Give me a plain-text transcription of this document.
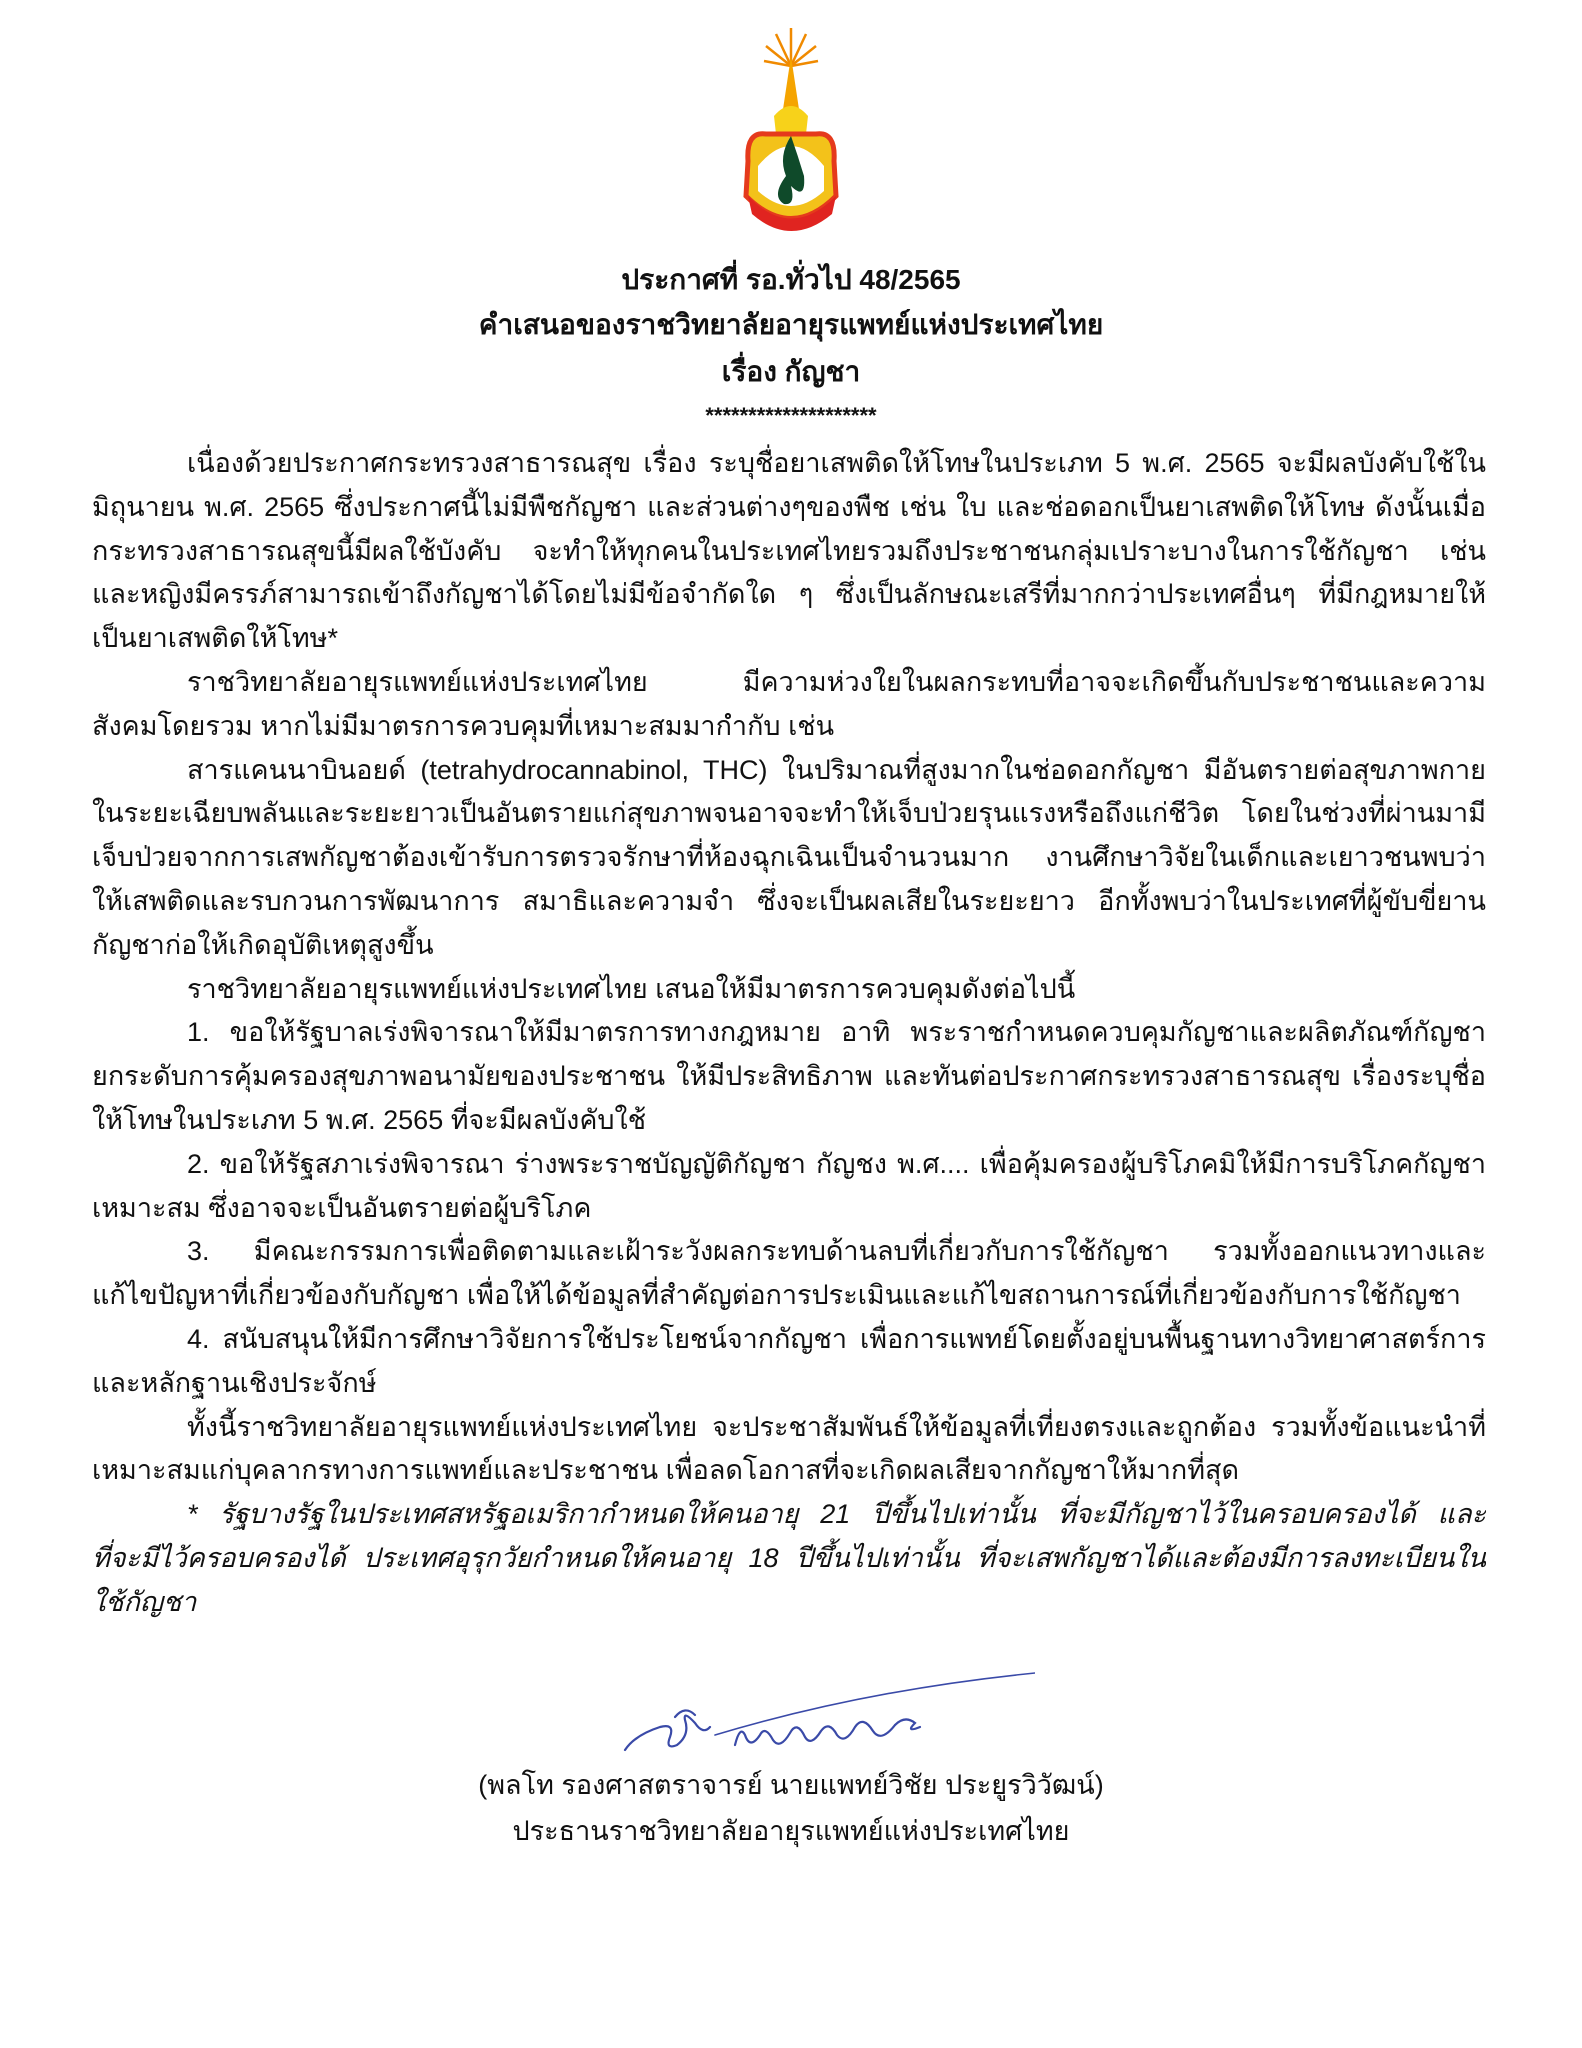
ประกาศที่ รอ.ทั่วไป 48/2565
คำเสนอของราชวิทยาลัยอายุรแพทย์แห่งประเทศไทย
เรื่อง กัญชา
********************
เนื่องด้วยประกาศกระทรวงสาธารณสุข เรื่อง ระบุชื่อยาเสพติดให้โทษในประเภท 5 พ.ศ. 2565 จะมีผลบังคับใช้ใน
มิถุนายน พ.ศ. 2565 ซึ่งประกาศนี้ไม่มีพืชกัญชา และส่วนต่างๆของพืช เช่น ใบ และช่อดอกเป็นยาเสพติดให้โทษ ดังนั้นเมื่อ
กระทรวงสาธารณสุขนี้มีผลใช้บังคับ จะทำให้ทุกคนในประเทศไทยรวมถึงประชาชนกลุ่มเปราะบางในการใช้กัญชา เช่น
และหญิงมีครรภ์สามารถเข้าถึงกัญชาได้โดยไม่มีข้อจำกัดใด ๆ ซึ่งเป็นลักษณะเสรีที่มากกว่าประเทศอื่นๆ ที่มีกฎหมายให้
เป็นยาเสพติดให้โทษ*
ราชวิทยาลัยอายุรแพทย์แห่งประเทศไทย มีความห่วงใยในผลกระทบที่อาจจะเกิดขึ้นกับประชาชนและความ
สังคมโดยรวม หากไม่มีมาตรการควบคุมที่เหมาะสมมากำกับ เช่น
สารแคนนาบินอยด์ (tetrahydrocannabinol, THC) ในปริมาณที่สูงมากในช่อดอกกัญชา มีอันตรายต่อสุขภาพกาย
ในระยะเฉียบพลันและระยะยาวเป็นอันตรายแก่สุขภาพจนอาจจะทำให้เจ็บป่วยรุนแรงหรือถึงแก่ชีวิต โดยในช่วงที่ผ่านมามี
เจ็บป่วยจากการเสพกัญชาต้องเข้ารับการตรวจรักษาที่ห้องฉุกเฉินเป็นจำนวนมาก งานศึกษาวิจัยในเด็กและเยาวชนพบว่า
ให้เสพติดและรบกวนการพัฒนาการ สมาธิและความจำ ซึ่งจะเป็นผลเสียในระยะยาว อีกทั้งพบว่าในประเทศที่ผู้ขับขี่ยาน
กัญชาก่อให้เกิดอุบัติเหตุสูงขึ้น
ราชวิทยาลัยอายุรแพทย์แห่งประเทศไทย เสนอให้มีมาตรการควบคุมดังต่อไปนี้
1. ขอให้รัฐบาลเร่งพิจารณาให้มีมาตรการทางกฎหมาย อาทิ พระราชกำหนดควบคุมกัญชาและผลิตภัณฑ์กัญชา
ยกระดับการคุ้มครองสุขภาพอนามัยของประชาชน ให้มีประสิทธิภาพ และทันต่อประกาศกระทรวงสาธารณสุข เรื่องระบุชื่อ
ให้โทษในประเภท 5 พ.ศ. 2565 ที่จะมีผลบังคับใช้
2. ขอให้รัฐสภาเร่งพิจารณา ร่างพระราชบัญญัติกัญชา กัญชง พ.ศ.... เพื่อคุ้มครองผู้บริโภคมิให้มีการบริโภคกัญชา
เหมาะสม ซึ่งอาจจะเป็นอันตรายต่อผู้บริโภค
3. มีคณะกรรมการเพื่อติดตามและเฝ้าระวังผลกระทบด้านลบที่เกี่ยวกับการใช้กัญชา รวมทั้งออกแนวทางและ
แก้ไขปัญหาที่เกี่ยวข้องกับกัญชา เพื่อให้ได้ข้อมูลที่สำคัญต่อการประเมินและแก้ไขสถานการณ์ที่เกี่ยวข้องกับการใช้กัญชา
4. สนับสนุนให้มีการศึกษาวิจัยการใช้ประโยชน์จากกัญชา เพื่อการแพทย์โดยตั้งอยู่บนพื้นฐานทางวิทยาศาสตร์การ
และหลักฐานเชิงประจักษ์
ทั้งนี้ราชวิทยาลัยอายุรแพทย์แห่งประเทศไทย จะประชาสัมพันธ์ให้ข้อมูลที่เที่ยงตรงและถูกต้อง รวมทั้งข้อแนะนำที่
เหมาะสมแก่บุคลากรทางการแพทย์และประชาชน เพื่อลดโอกาสที่จะเกิดผลเสียจากกัญชาให้มากที่สุด
* รัฐบางรัฐในประเทศสหรัฐอเมริกากำหนดให้คนอายุ 21 ปีขึ้นไปเท่านั้น ที่จะมีกัญชาไว้ในครอบครองได้ และ
ที่จะมีไว้ครอบครองได้ ประเทศอุรุกวัยกำหนดให้คนอายุ 18 ปีขึ้นไปเท่านั้น ที่จะเสพกัญชาได้และต้องมีการลงทะเบียนใน
ใช้กัญชา
(พลโท รองศาสตราจารย์ นายแพทย์วิชัย ประยูรวิวัฒน์)
ประธานราชวิทยาลัยอายุรแพทย์แห่งประเทศไทย
